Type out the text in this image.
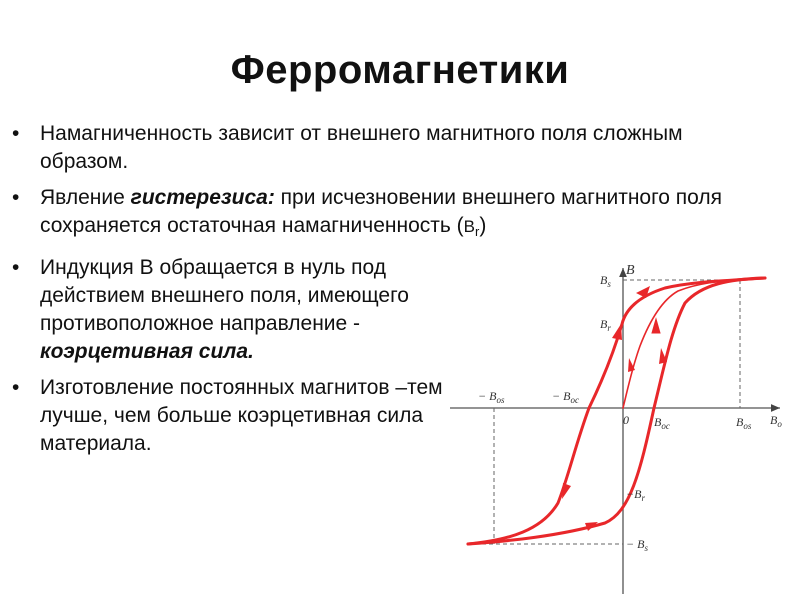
Ферромагнетики
• Намагниченность зависит от внешнего магнитного поля сложным образом.
• Явление гистерезиса: при исчезновении внешнего магнитного поля сохраняется остаточная намагниченность $(B_r)$
• Индукция В обращается в нуль под действием внешнего поля, имеющего противоположное направление - коэрцетивная сила.
• Изготовление постоянных магнитов –тем лучше, чем больше коэрцетивная сила материала.
B
$B_o$
$B_s$
$B_r$
0 $B_{oc}$	$B_{os}$
− $B_{os}$	− $B_{oc}$
$-B_r$
− $B_s$
